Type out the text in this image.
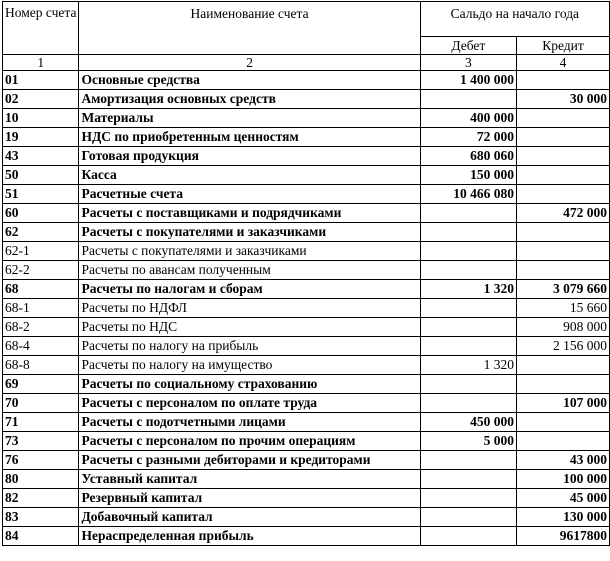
Номер счета	Наименование счета	Сальдо на начало года	
		Дебет	Кредит
1	2	3	4
01	Основные средства	1 400 000	
02	Амортизация основных средств		30 000
10	Материалы	400 000	
19	НДС по приобретенным ценностям	72 000	
43	Готовая продукция	680 060	
50	Касса	150 000	
51	Расчетные счета	10 466 080	
60	Расчеты с поставщиками и подрядчиками		472 000
62	Расчеты с покупателями и заказчиками		
62-1	Расчеты с покупателями и заказчиками		
62-2	Расчеты по авансам полученным		
68	Расчеты по налогам и сборам	1 320	3 079 660
68-1	Расчеты по НДФЛ		15 660
68-2	Расчеты по НДС		908 000
68-4	Расчеты по налогу на прибыль		2 156 000
68-8	Расчеты по налогу на имущество	1 320	
69	Расчеты по социальному страхованию		
70	Расчеты с персоналом по оплате труда		107 000
71	Расчеты с подотчетными лицами	450 000	
73	Расчеты с персоналом по прочим операциям	5 000	
76	Расчеты с разными дебиторами и кредиторами		43 000
80	Уставный капитал		100 000
82	Резервный капитал		45 000
83	Добавочный капитал		130 000
84	Нераспределенная прибыль		9617800
